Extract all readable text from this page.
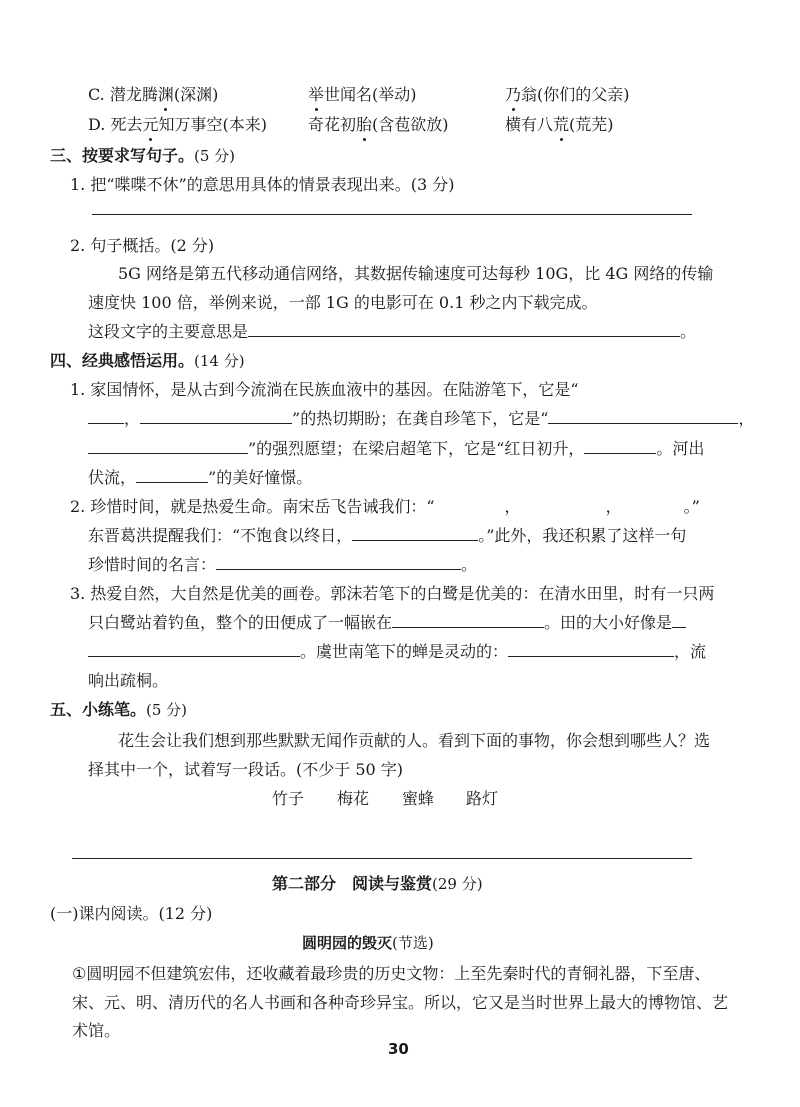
C. 潜龙腾渊(深渊)	举世闻名(举动)	乃翁(你们的父亲)
D. 死去元知万事空(本来)	奇花初胎(含苞欲放)	横有八荒(荒芜)
三、按要求写句子。(5 分)
1. 把“喋喋不休”的意思用具体的情景表现出来。(3 分)
2. 句子概括。(2 分)
5G 网络是第五代移动通信网络，其数据传输速度可达每秒 10G，比 4G 网络的传输
速度快 100 倍，举例来说，一部 1G 的电影可在 0.1 秒之内下载完成。
这段文字的主要意思是	。
四、经典感悟运用。(14 分)
1. 家国情怀，是从古到今流淌在民族血液中的基因。在陆游笔下，它是“
，	”的热切期盼；在龚自珍笔下，它是“	，
”的强烈愿望；在梁启超笔下，它是“红日初升，	。河出
伏流，	”的美好憧憬。
2. 珍惜时间，就是热爱生命。南宋岳飞告诫我们：“	，	，	。”
东晋葛洪提醒我们：“不饱食以终日，	。”此外，我还积累了这样一句
珍惜时间的名言：	。
3. 热爱自然，大自然是优美的画卷。郭沫若笔下的白鹭是优美的：在清水田里，时有一只两
只白鹭站着钓鱼，整个的田便成了一幅嵌在	。田的大小好像是
。虞世南笔下的蝉是灵动的：	，流
响出疏桐。
五、小练笔。(5 分)
花生会让我们想到那些默默无闻作贡献的人。看到下面的事物，你会想到哪些人？选
择其中一个，试着写一段话。(不少于 50 字)
竹子 梅花 蜜蜂 路灯
第二部分　阅读与鉴赏(29 分)
(一)课内阅读。(12 分)
圆明园的毁灭(节选)
①圆明园不但建筑宏伟，还收藏着最珍贵的历史文物：上至先秦时代的青铜礼器，下至唐、
宋、元、明、清历代的名人书画和各种奇珍异宝。所以，它又是当时世界上最大的博物馆、艺
术馆。
30
